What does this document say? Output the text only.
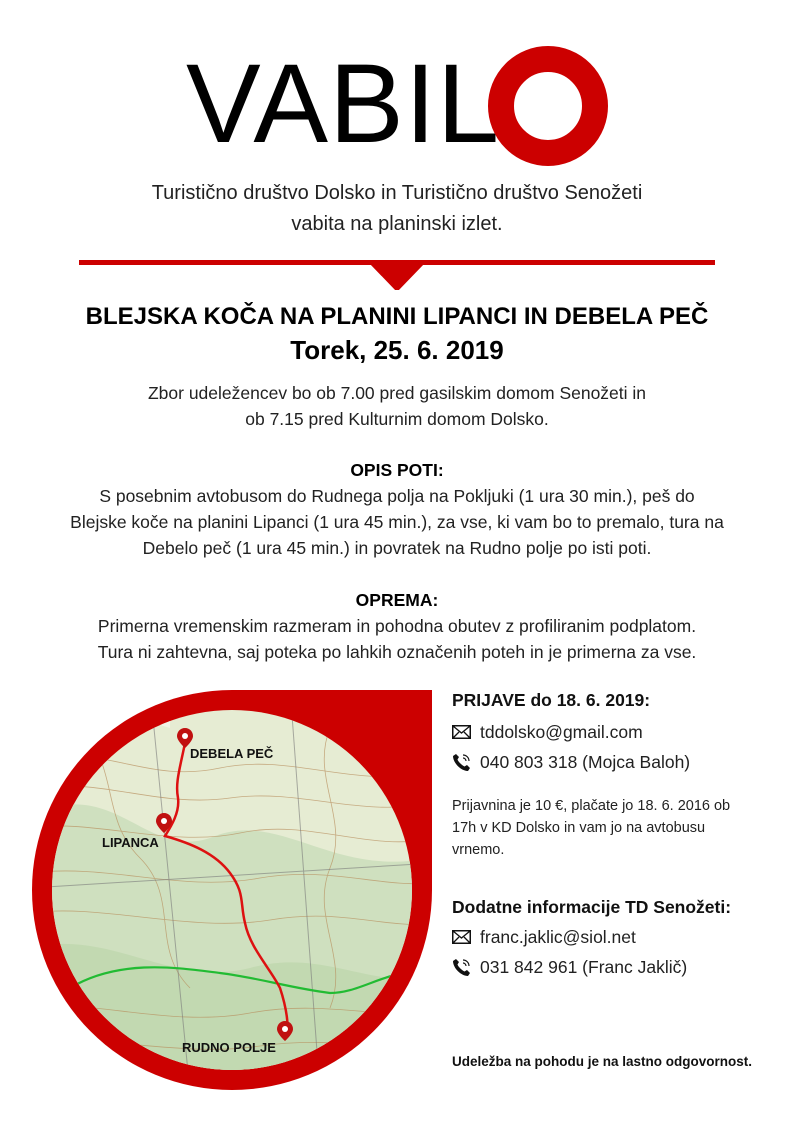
VABIL
Turistično društvo Dolsko in Turistično društvo Senožeti
vabita na planinski izlet.
BLEJSKA KOČA NA PLANINI LIPANCI IN DEBELA PEČ
Torek, 25. 6. 2019
Zbor udeležencev bo ob 7.00 pred gasilskim domom Senožeti in
ob 7.15 pred Kulturnim domom Dolsko.
OPIS POTI:
S posebnim avtobusom do Rudnega polja na Pokljuki (1 ura 30 min.), peš do
Blejske koče na planini Lipanci (1 ura 45 min.), za vse, ki vam bo to premalo, tura na
Debelo peč (1 ura 45 min.) in povratek na Rudno polje po isti poti.
OPREMA:
Primerna vremenskim razmeram in pohodna obutev z profiliranim podplatom.
Tura ni zahtevna, saj poteka po lahkih označenih poteh in je primerna za vse.
DEBELA PEČ
LIPANCA
RUDNO POLJE
PRIJAVE do 18. 6. 2019:
tddolsko@gmail.com
040 803 318 (Mojca Baloh)
Prijavnina je 10 €, plačate jo 18. 6. 2016 ob
17h v KD Dolsko in vam jo na avtobusu
vrnemo.
Dodatne informacije TD Senožeti:
franc.jaklic@siol.net
031 842 961 (Franc Jaklič)
Udeležba na pohodu je na lastno odgovornost.
